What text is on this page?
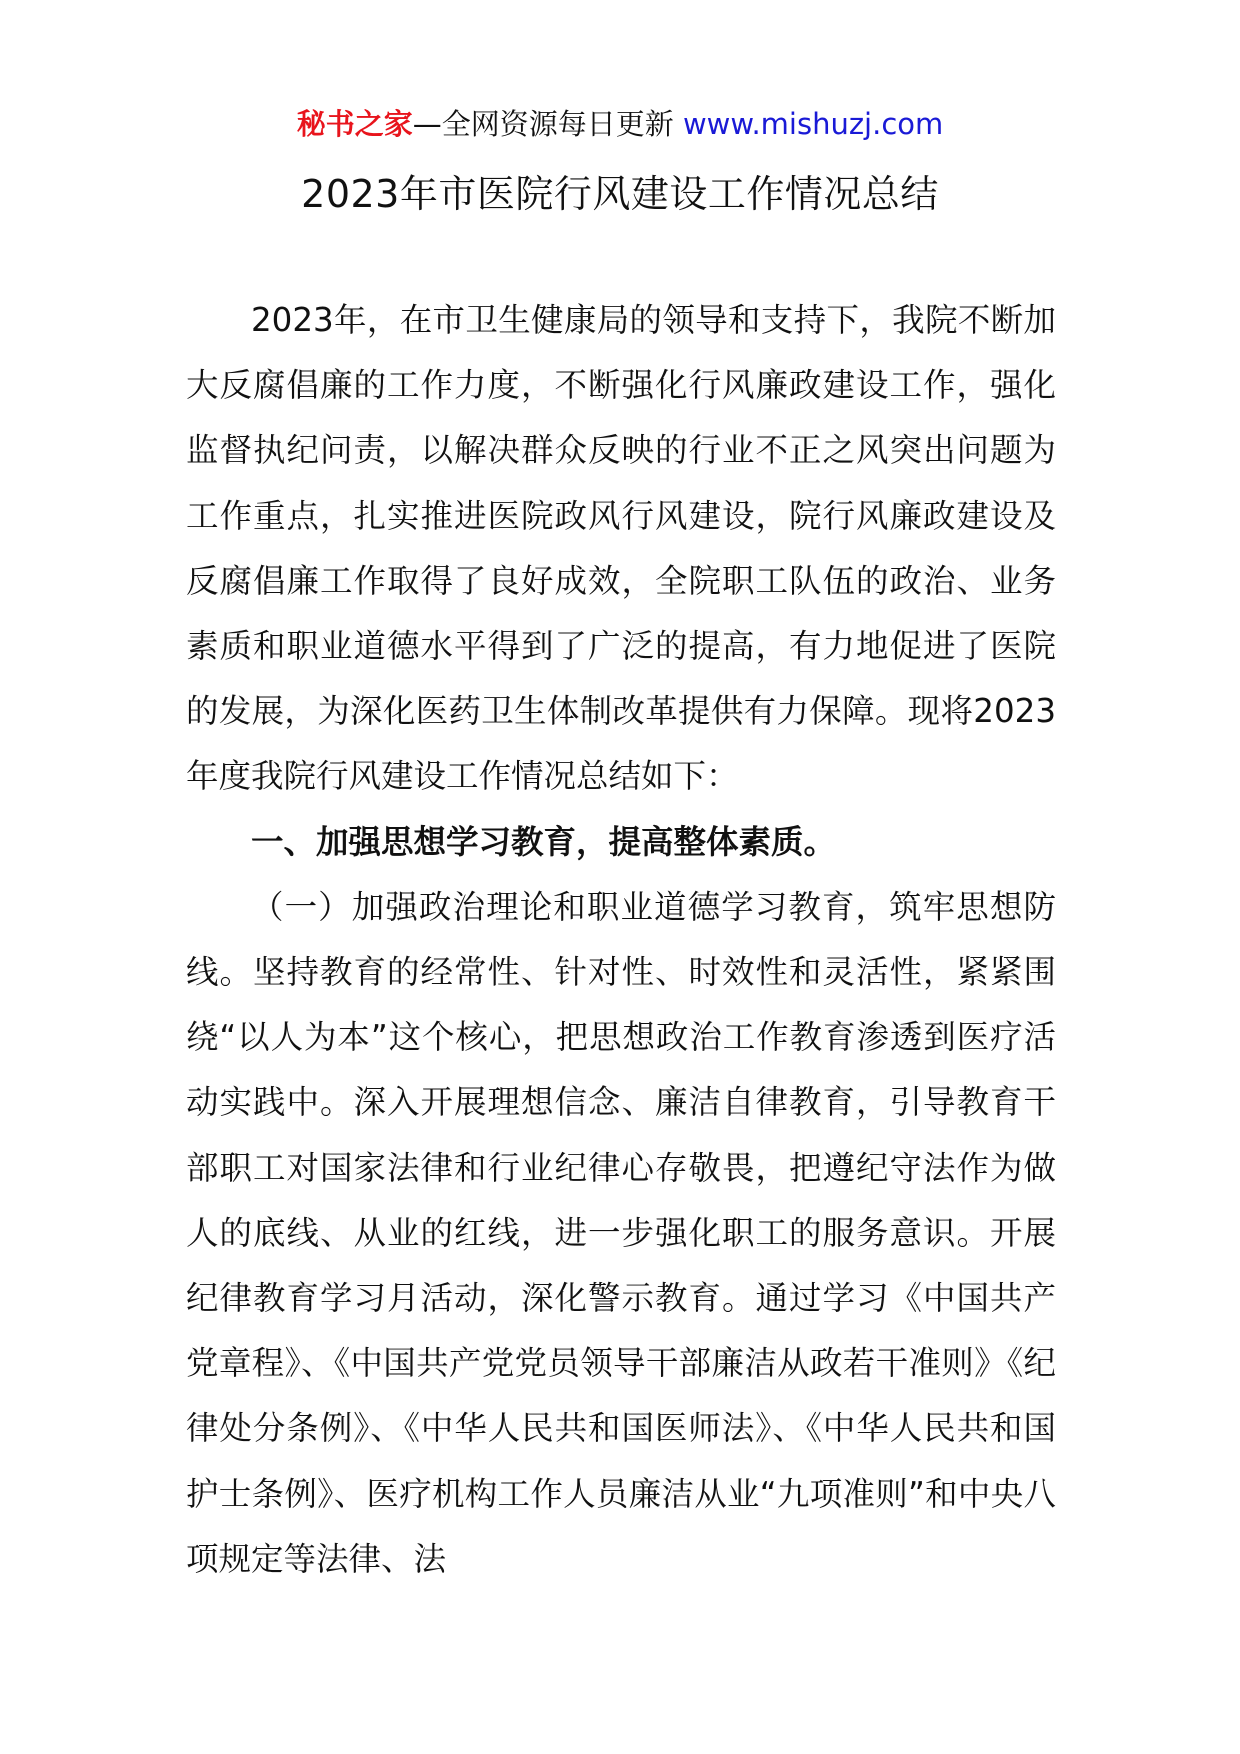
秘书之家—全网资源每日更新 www.mishuzj.com
2023年市医院行风建设工作情况总结

2023年，在市卫生健康局的领导和支持下，我院不断加大反腐倡廉的工作力度，不断强化行风廉政建设工作，强化监督执纪问责，以解决群众反映的行业不正之风突出问题为工作重点，扎实推进医院政风行风建设，院行风廉政建设及反腐倡廉工作取得了良好成效，全院职工队伍的政治、业务素质和职业道德水平得到了广泛的提高，有力地促进了医院的发展，为深化医药卫生体制改革提供有力保障。现将2023年度我院行风建设工作情况总结如下：

一、加强思想学习教育，提高整体素质。

（一）加强政治理论和职业道德学习教育，筑牢思想防线。坚持教育的经常性、针对性、时效性和灵活性，紧紧围绕“以人为本”这个核心，把思想政治工作教育渗透到医疗活动实践中。深入开展理想信念、廉洁自律教育，引导教育干部职工对国家法律和行业纪律心存敬畏，把遵纪守法作为做人的底线、从业的红线，进一步强化职工的服务意识。开展纪律教育学习月活动，深化警示教育。通过学习《中国共产党章程》、《中国共产党党员领导干部廉洁从政若干准则》《纪律处分条例》、《中华人民共和国医师法》、《中华人民共和国护士条例》、医疗机构工作人员廉洁从业“九项准则”和中央八项规定等法律、法
